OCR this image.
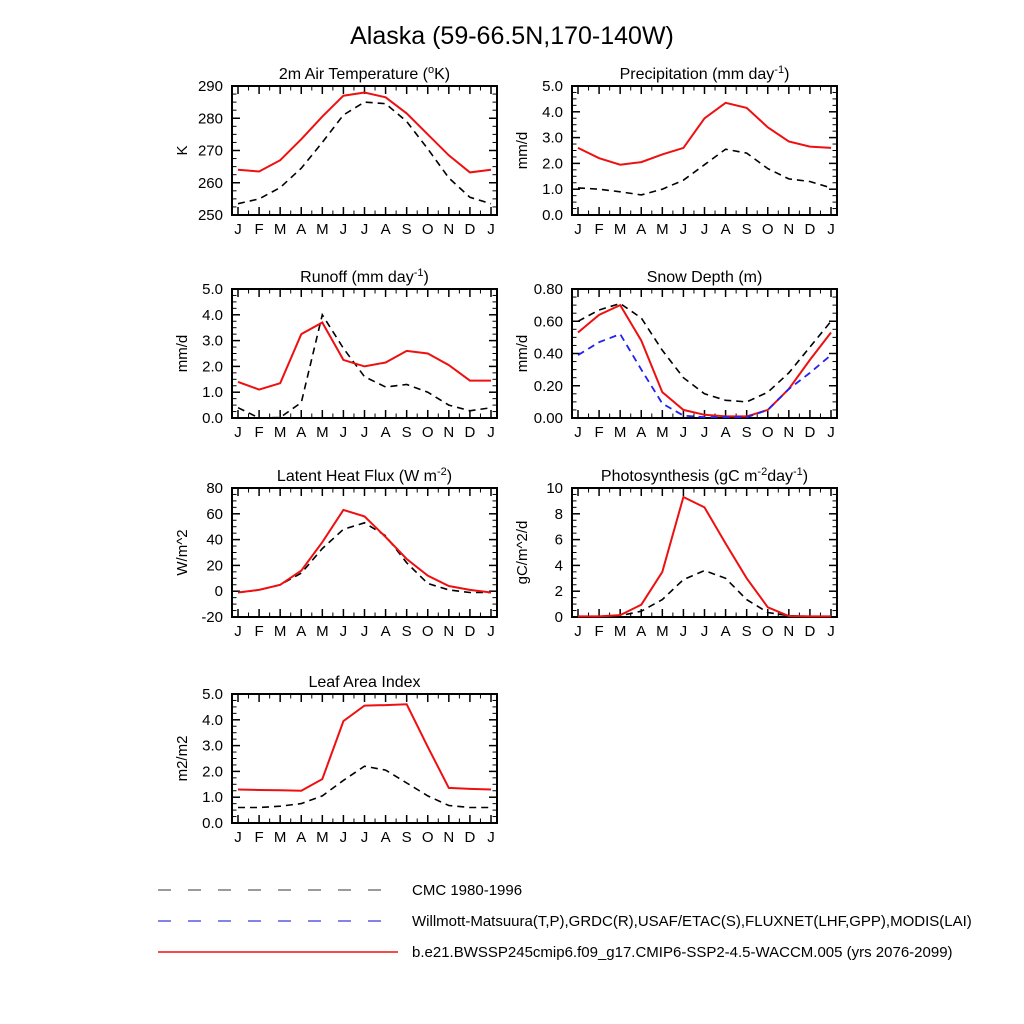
Alaska (59-66.5N,170-140W)
250
260
270
280
290
J F M A M J J A S O N D J
K
2m Air Temperature ($^o$K)
0.0
1.0
2.0
3.0
4.0
5.0
J F M A M J J A S O N D J
mm/d
Precipitation (mm day$^{-1}$)
0.0
1.0
2.0
3.0
4.0
5.0
J F M A M J J A S O N D J
mm/d
Runoff (mm day$^{-1}$)
0.00
0.20
0.40
0.60
0.80
J F M A M J J A S O N D J
mm/d
Snow Depth (m)
-20
0
20
40
60
80
J F M A M J J A S O N D J
W/m^2
Latent Heat Flux (W $m^{-2}$)
0
2
4
6
8
10
J F M A M J J A S O N D J
gC/m^2/d
Photosynthesis (gC $m^{-2}day^{-1}$)
0.0
1.0
2.0
3.0
4.0
5.0
J F M A M J J A S O N D J
m2/m2
Leaf Area Index
CMC 1980-1996
Willmott-Matsuura(T,P),GRDC(R),USAF/ETAC(S),FLUXNET(LHF,GPP),MODIS(LAI)
b.e21.BWSSP245cmip6.f09_g17.CMIP6-SSP2-4.5-WACCM.005 (yrs 2076-2099)
